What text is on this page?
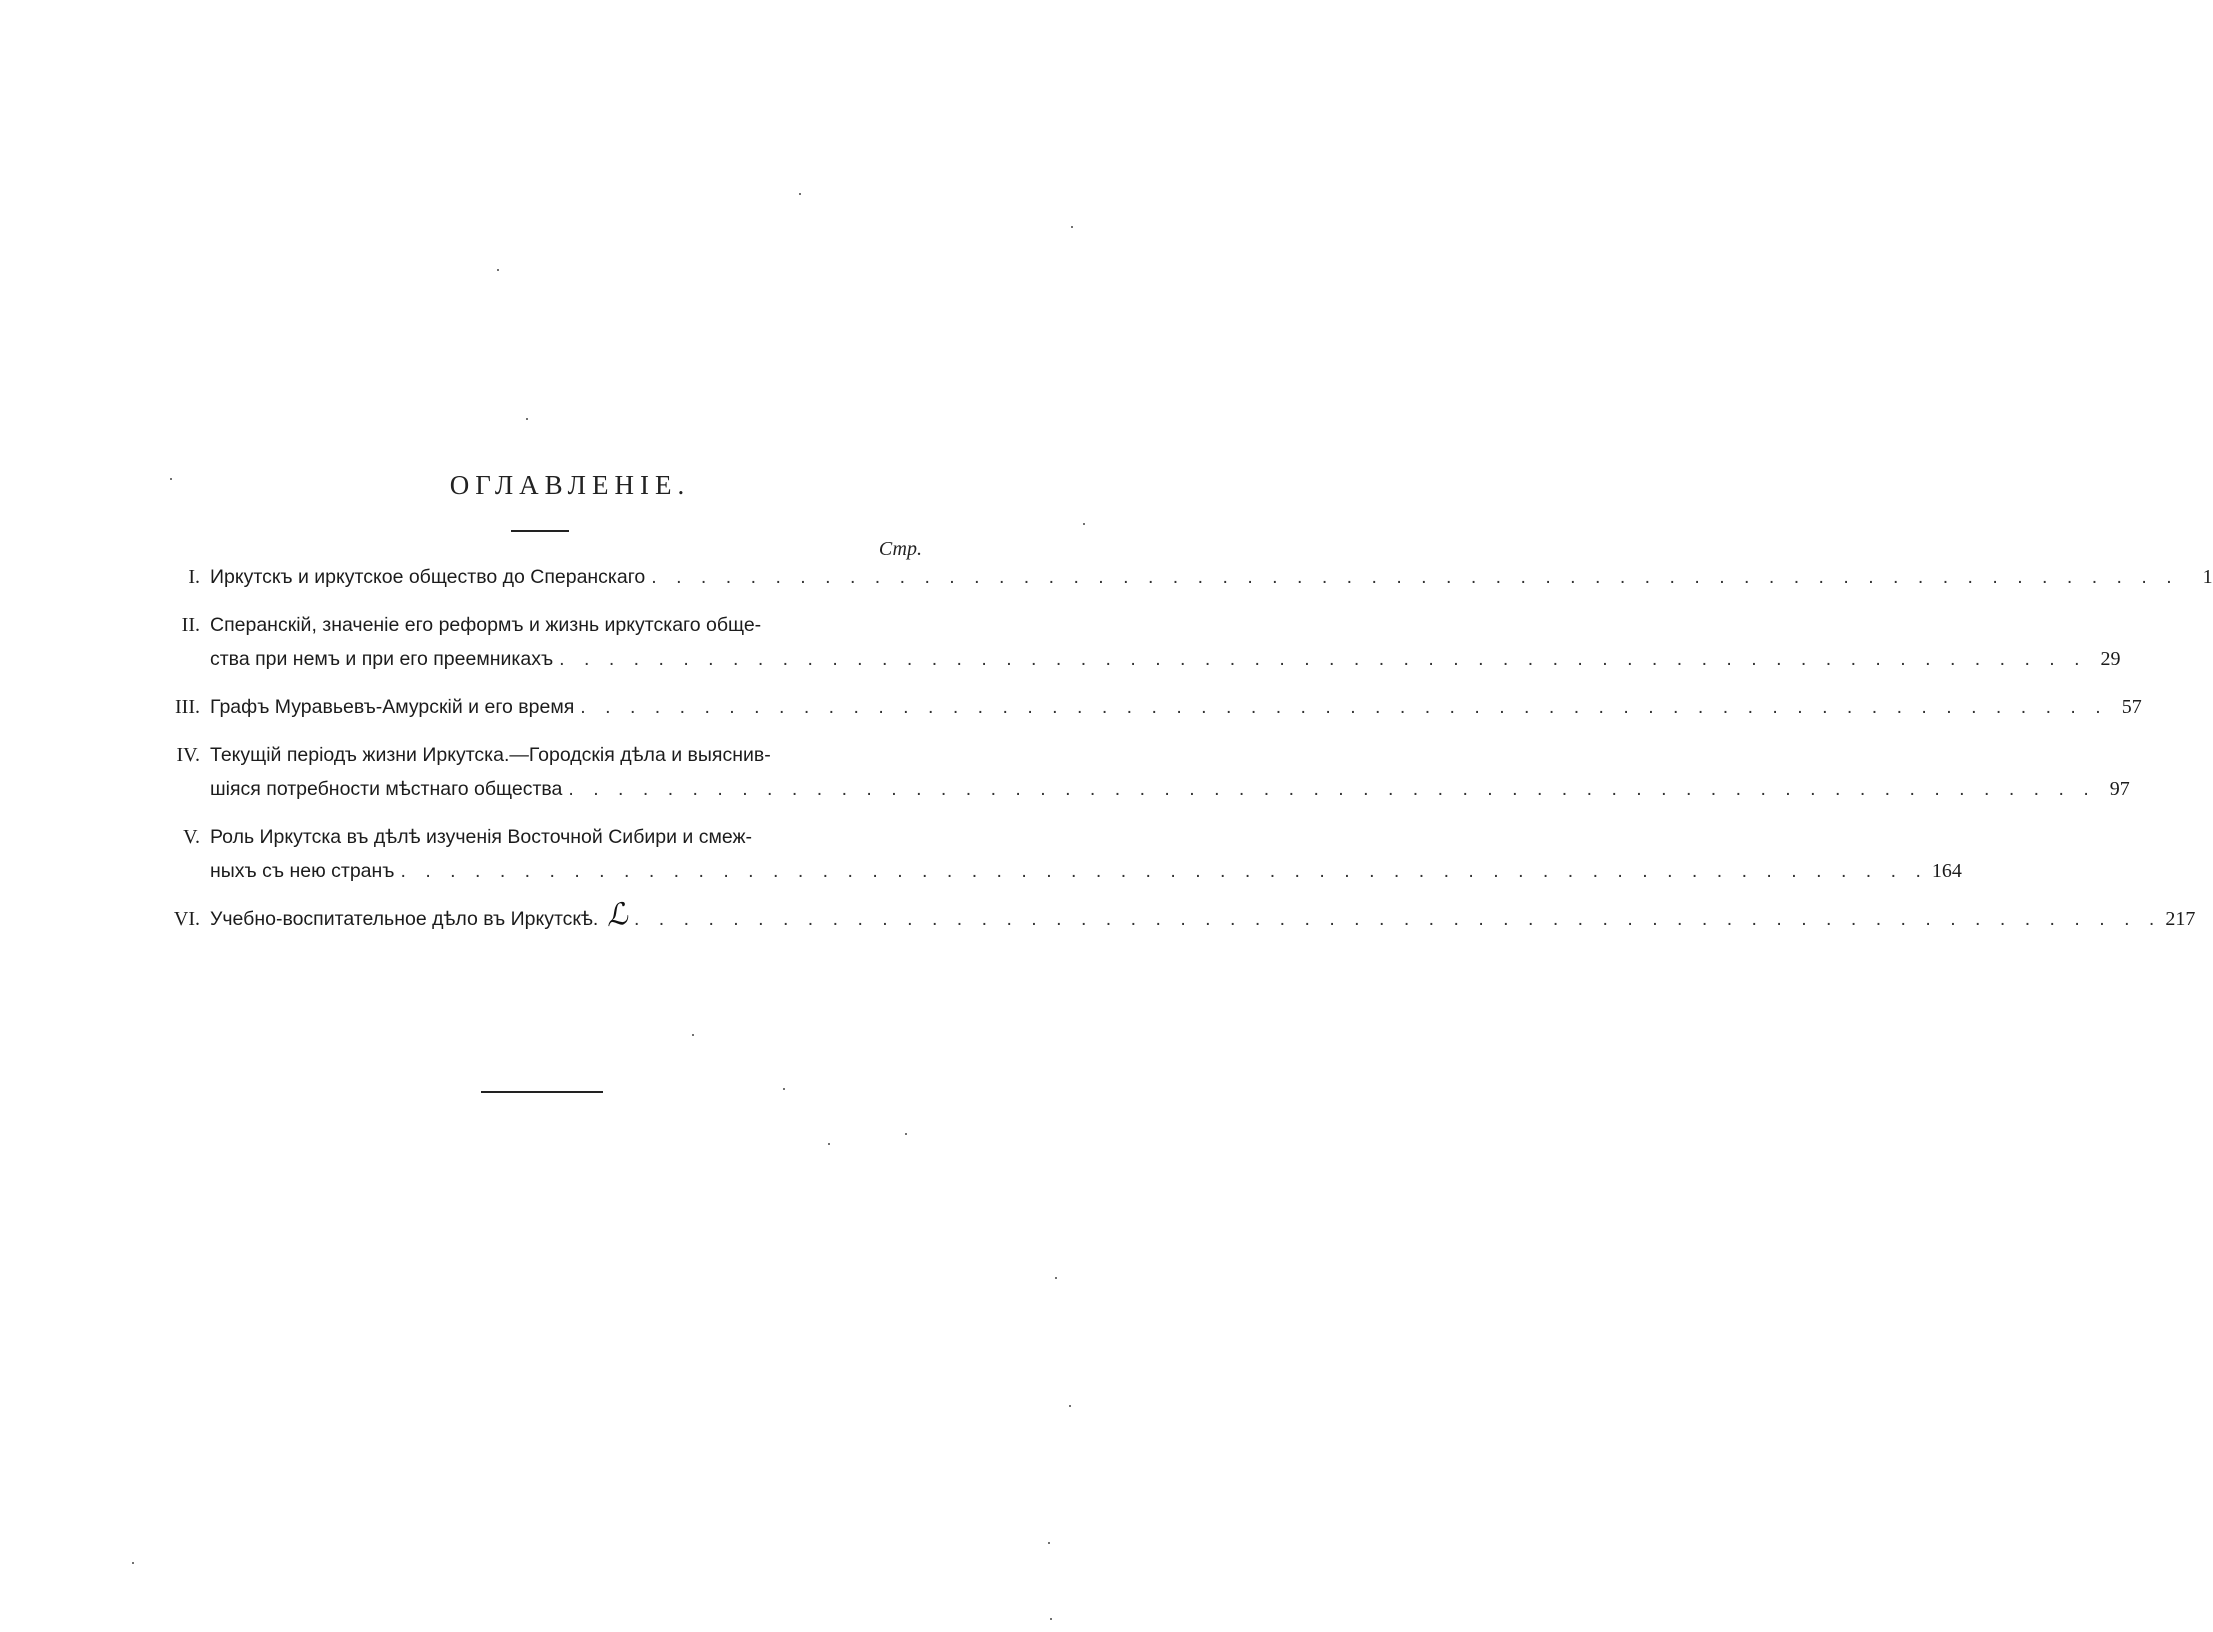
ОГЛАВЛЕНІЕ.
Стр.
I. Иркутскъ и иркутское общество до Сперанскаго . . .	1
II. Сперанскій, значеніе его реформъ и жизнь иркутскаго обще-
ства при немъ и при его преемникахъ . . .	29
III. Графъ Муравьевъ-Амурскій и его время . . .	57
IV. Текущій періодъ жизни Иркутска.—Городскія дѣла и выяснив-
шіяся потребности мѣстнаго общества . . .	97
V. Роль Иркутска въ дѣлѣ изученія Восточной Сибири и смеж-
ныхъ съ нею странъ . . .	164
VI. Учебно-воспитательное дѣло въ Иркутскѣ. ℒ . . .	217
